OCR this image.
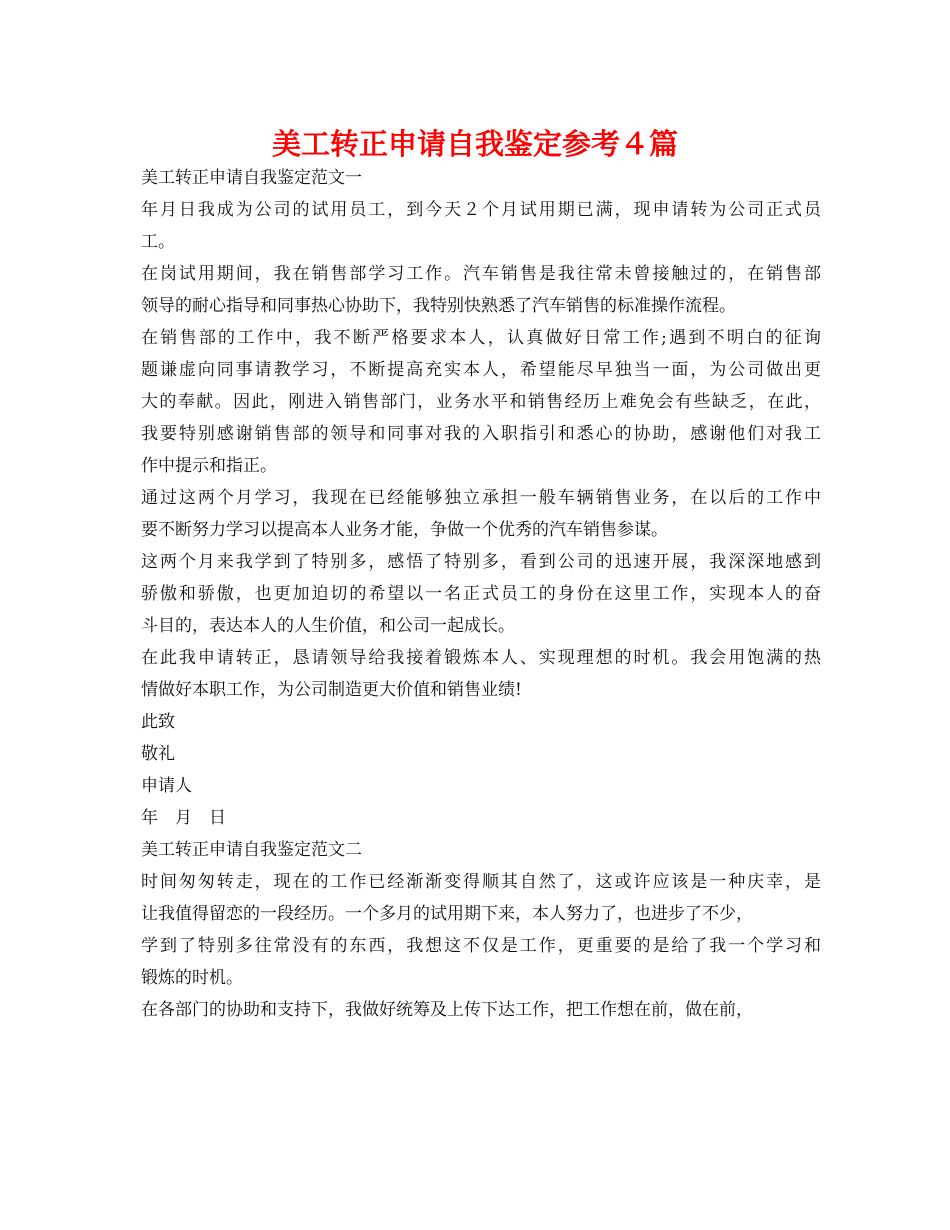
美工转正申请自我鉴定参考４篇
美工转正申请自我鉴定范文一
年月日我成为公司的试用员工，到今天２个月试用期已满，现申请转为公司正式员
工。
在岗试用期间，我在销售部学习工作。汽车销售是我往常未曾接触过的，在销售部
领导的耐心指导和同事热心协助下，我特别快熟悉了汽车销售的标准操作流程。
在销售部的工作中，我不断严格要求本人，认真做好日常工作;遇到不明白的征询
题谦虚向同事请教学习，不断提高充实本人，希望能尽早独当一面，为公司做出更
大的奉献。因此，刚进入销售部门，业务水平和销售经历上难免会有些缺乏，在此，
我要特别感谢销售部的领导和同事对我的入职指引和悉心的协助，感谢他们对我工
作中提示和指正。
通过这两个月学习，我现在已经能够独立承担一般车辆销售业务，在以后的工作中
要不断努力学习以提高本人业务才能，争做一个优秀的汽车销售参谋。
这两个月来我学到了特别多，感悟了特别多，看到公司的迅速开展，我深深地感到
骄傲和骄傲，也更加迫切的希望以一名正式员工的身份在这里工作，实现本人的奋
斗目的，表达本人的人生价值，和公司一起成长。
在此我申请转正，恳请领导给我接着锻炼本人、实现理想的时机。我会用饱满的热
情做好本职工作，为公司制造更大价值和销售业绩!
此致
敬礼
申请人
年　月　日
美工转正申请自我鉴定范文二
时间匆匆转走，现在的工作已经渐渐变得顺其自然了，这或许应该是一种庆幸，是
让我值得留恋的一段经历。一个多月的试用期下来，本人努力了，也进步了不少，
学到了特别多往常没有的东西，我想这不仅是工作，更重要的是给了我一个学习和
锻炼的时机。
在各部门的协助和支持下，我做好统筹及上传下达工作，把工作想在前，做在前，
